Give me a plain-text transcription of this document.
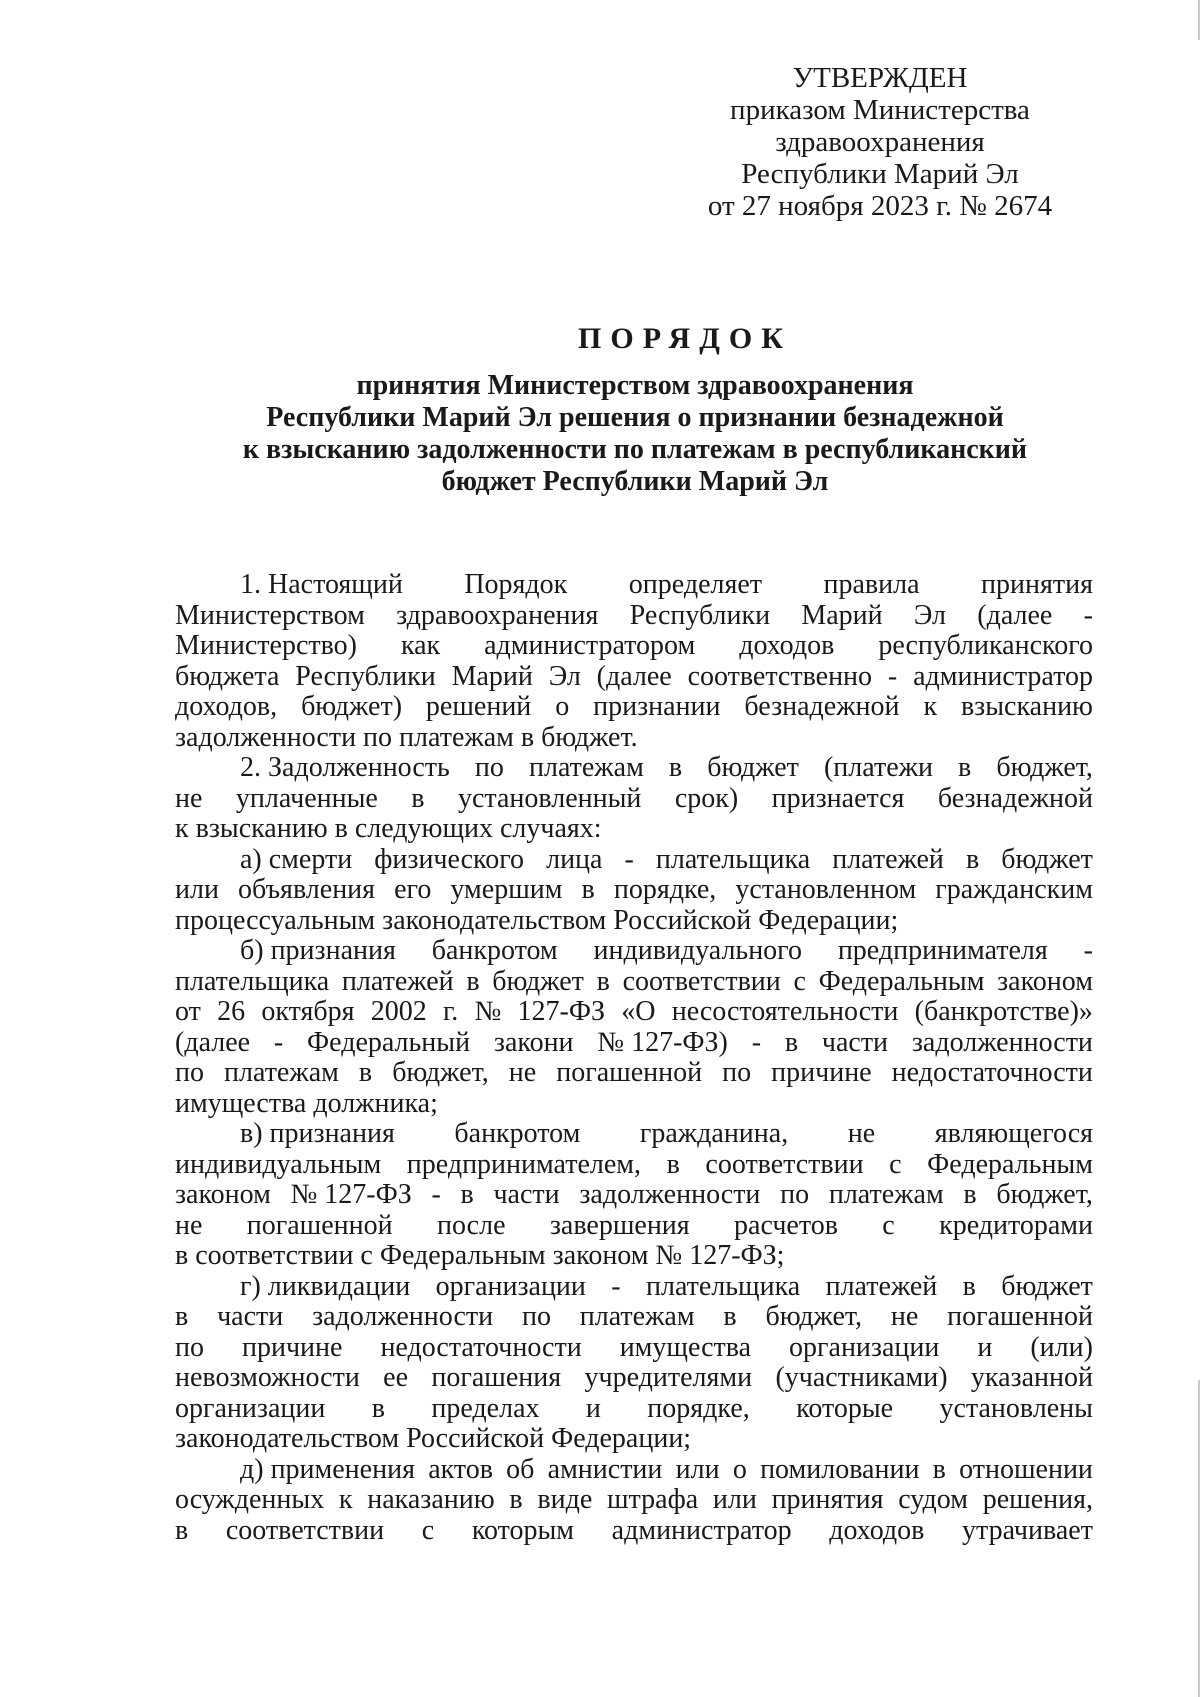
УТВЕРЖДЕН
приказом Министерства
здравоохранения
Республики Марий Эл
от 27 ноября 2023 г. № 2674
ПОРЯДОК
принятия Министерством здравоохранения
Республики Марий Эл решения о признании безнадежной
к взысканию задолженности по платежам в республиканский
бюджет Республики Марий Эл
1. Настоящий Порядок определяет правила принятия
Министерством здравоохранения Республики Марий Эл (далее -
Министерство) как администратором доходов республиканского
бюджета Республики Марий Эл (далее соответственно - администратор
доходов, бюджет) решений о признании безнадежной к взысканию
задолженности по платежам в бюджет.
2. Задолженность по платежам в бюджет (платежи в бюджет,
не уплаченные в установленный срок) признается безнадежной
к взысканию в следующих случаях:
а) смерти физического лица - плательщика платежей в бюджет
или объявления его умершим в порядке, установленном гражданским
процессуальным законодательством Российской Федерации;
б) признания банкротом индивидуального предпринимателя -
плательщика платежей в бюджет в соответствии с Федеральным законом
от 26 октября 2002 г. № 127-ФЗ «О несостоятельности (банкротстве)»
(далее - Федеральный закони № 127-ФЗ) - в части задолженности
по платежам в бюджет, не погашенной по причине недостаточности
имущества должника;
в) признания банкротом гражданина, не являющегося
индивидуальным предпринимателем, в соответствии с Федеральным
законом № 127-ФЗ - в части задолженности по платежам в бюджет,
не погашенной после завершения расчетов с кредиторами
в соответствии с Федеральным законом № 127-ФЗ;
г) ликвидации организации - плательщика платежей в бюджет
в части задолженности по платежам в бюджет, не погашенной
по причине недостаточности имущества организации и (или)
невозможности ее погашения учредителями (участниками) указанной
организации в пределах и порядке, которые установлены
законодательством Российской Федерации;
д) применения актов об амнистии или о помиловании в отношении
осужденных к наказанию в виде штрафа или принятия судом решения,
в соответствии с которым администратор доходов утрачивает
